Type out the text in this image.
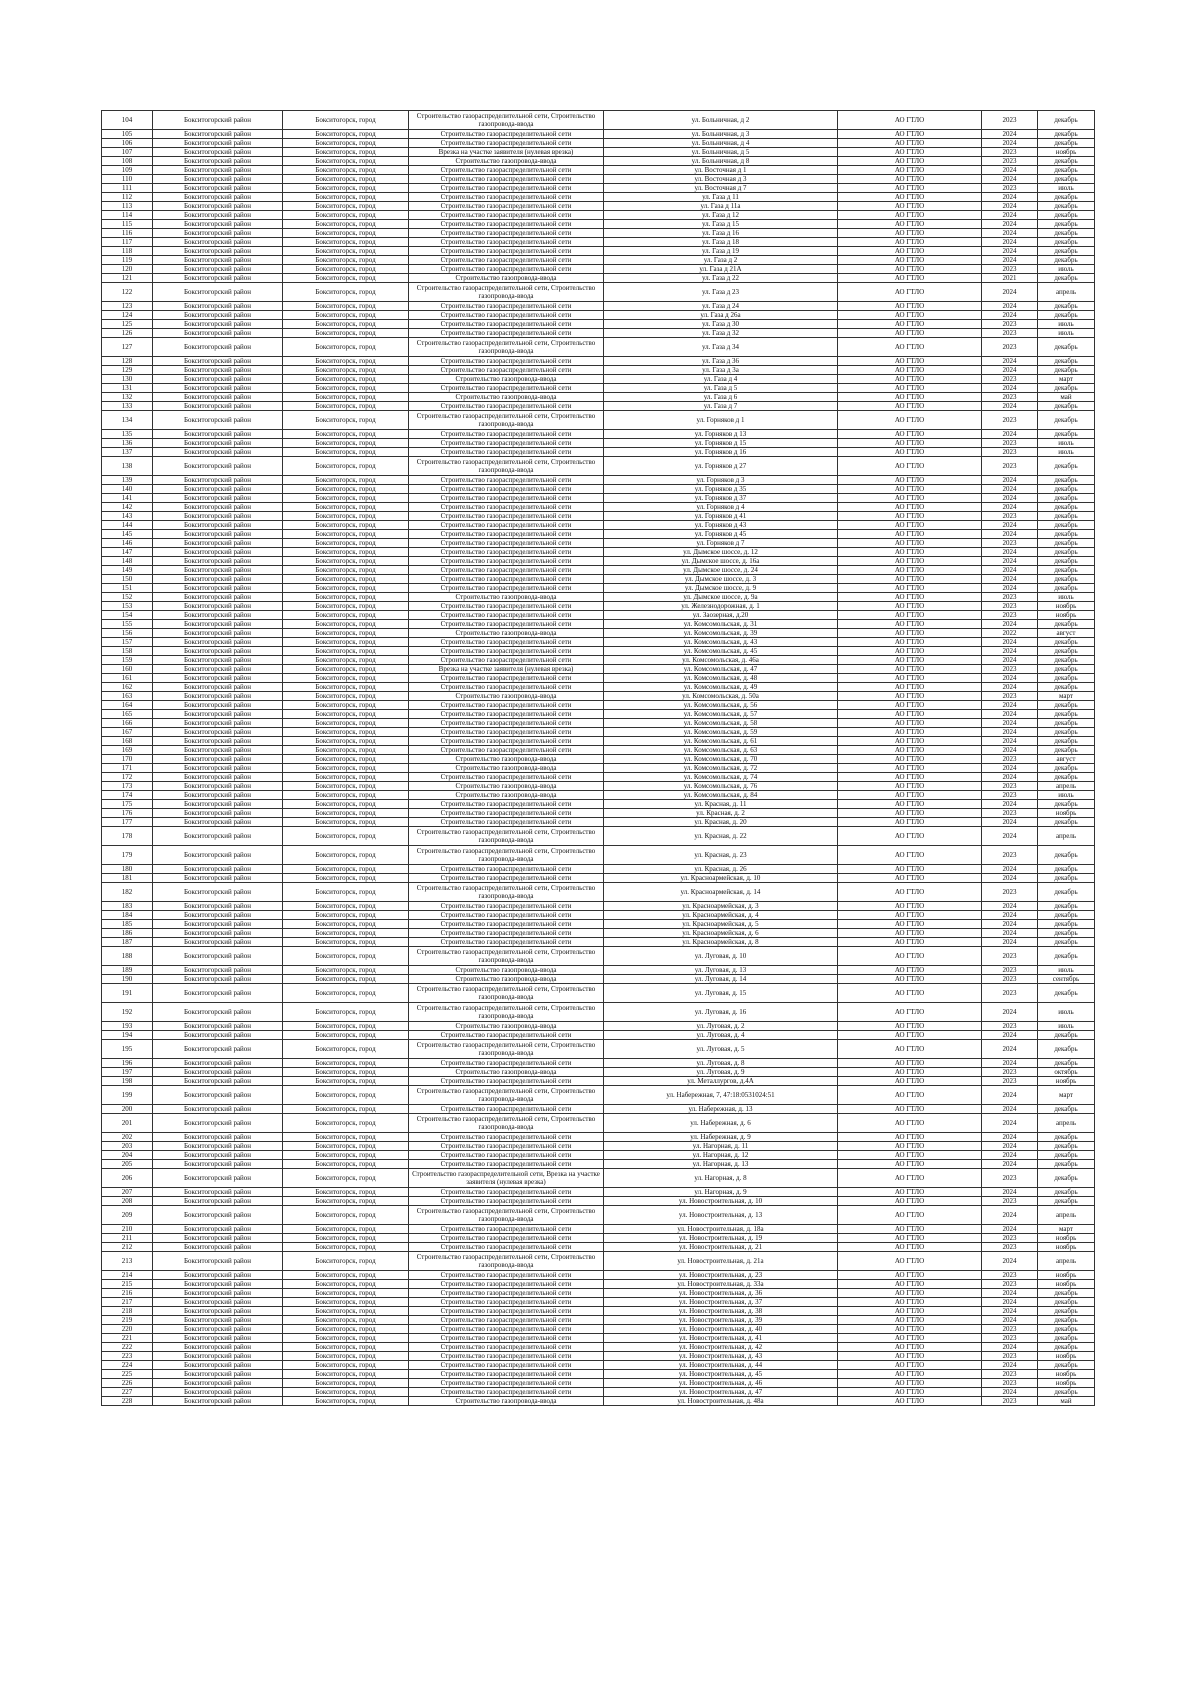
104	Бокситогорский район	Бокситогорск, город	Строительство газораспределительной сети, Строительство газопровода-ввода	ул. Больничная, д 2	АО ГТЛО	2023	декабрь
105	Бокситогорский район	Бокситогорск, город	Строительство газораспределительной сети	ул. Больничная, д 3	АО ГТЛО	2024	декабрь
106	Бокситогорский район	Бокситогорск, город	Строительство газораспределительной сети	ул. Больничная, д 4	АО ГТЛО	2024	декабрь
107	Бокситогорский район	Бокситогорск, город	Врезка на участке заявителя (нулевая врезка)	ул. Больничная, д 5	АО ГТЛО	2023	ноябрь
108	Бокситогорский район	Бокситогорск, город	Строительство газопровода-ввода	ул. Больничная, д 8	АО ГТЛО	2023	декабрь
109	Бокситогорский район	Бокситогорск, город	Строительство газораспределительной сети	ул. Восточная д 1	АО ГТЛО	2024	декабрь
110	Бокситогорский район	Бокситогорск, город	Строительство газораспределительной сети	ул. Восточная д 3	АО ГТЛО	2024	декабрь
111	Бокситогорский район	Бокситогорск, город	Строительство газораспределительной сети	ул. Восточная д 7	АО ГТЛО	2023	июль
112	Бокситогорский район	Бокситогорск, город	Строительство газораспределительной сети	ул. Газа д 11	АО ГТЛО	2024	декабрь
113	Бокситогорский район	Бокситогорск, город	Строительство газораспределительной сети	ул. Газа д 11а	АО ГТЛО	2024	декабрь
114	Бокситогорский район	Бокситогорск, город	Строительство газораспределительной сети	ул. Газа д 12	АО ГТЛО	2024	декабрь
115	Бокситогорский район	Бокситогорск, город	Строительство газораспределительной сети	ул. Газа д 15	АО ГТЛО	2024	декабрь
116	Бокситогорский район	Бокситогорск, город	Строительство газораспределительной сети	ул. Газа д 16	АО ГТЛО	2024	декабрь
117	Бокситогорский район	Бокситогорск, город	Строительство газораспределительной сети	ул. Газа д 18	АО ГТЛО	2024	декабрь
118	Бокситогорский район	Бокситогорск, город	Строительство газораспределительной сети	ул. Газа д 19	АО ГТЛО	2024	декабрь
119	Бокситогорский район	Бокситогорск, город	Строительство газораспределительной сети	ул. Газа д 2	АО ГТЛО	2024	декабрь
120	Бокситогорский район	Бокситогорск, город	Строительство газораспределительной сети	ул. Газа д 21А	АО ГТЛО	2023	июль
121	Бокситогорский район	Бокситогорск, город	Строительство газопровода-ввода	ул. Газа д 22	АО ГТЛО	2021	декабрь
122	Бокситогорский район	Бокситогорск, город	Строительство газораспределительной сети, Строительство газопровода-ввода	ул. Газа д 23	АО ГТЛО	2024	апрель
123	Бокситогорский район	Бокситогорск, город	Строительство газораспределительной сети	ул. Газа д 24	АО ГТЛО	2024	декабрь
124	Бокситогорский район	Бокситогорск, город	Строительство газораспределительной сети	ул. Газа д 26а	АО ГТЛО	2024	декабрь
125	Бокситогорский район	Бокситогорск, город	Строительство газораспределительной сети	ул. Газа д 30	АО ГТЛО	2023	июль
126	Бокситогорский район	Бокситогорск, город	Строительство газораспределительной сети	ул. Газа д 32	АО ГТЛО	2023	июль
127	Бокситогорский район	Бокситогорск, город	Строительство газораспределительной сети, Строительство газопровода-ввода	ул. Газа д 34	АО ГТЛО	2023	декабрь
128	Бокситогорский район	Бокситогорск, город	Строительство газораспределительной сети	ул. Газа д 36	АО ГТЛО	2024	декабрь
129	Бокситогорский район	Бокситогорск, город	Строительство газораспределительной сети	ул. Газа д 3а	АО ГТЛО	2024	декабрь
130	Бокситогорский район	Бокситогорск, город	Строительство газопровода-ввода	ул. Газа д 4	АО ГТЛО	2023	март
131	Бокситогорский район	Бокситогорск, город	Строительство газораспределительной сети	ул. Газа д 5	АО ГТЛО	2024	декабрь
132	Бокситогорский район	Бокситогорск, город	Строительство газопровода-ввода	ул. Газа д 6	АО ГТЛО	2023	май
133	Бокситогорский район	Бокситогорск, город	Строительство газораспределительной сети	ул. Газа д 7	АО ГТЛО	2024	декабрь
134	Бокситогорский район	Бокситогорск, город	Строительство газораспределительной сети, Строительство газопровода-ввода	ул. Горняков д 1	АО ГТЛО	2023	декабрь
135	Бокситогорский район	Бокситогорск, город	Строительство газораспределительной сети	ул. Горняков д 13	АО ГТЛО	2024	декабрь
136	Бокситогорский район	Бокситогорск, город	Строительство газораспределительной сети	ул. Горняков д 15	АО ГТЛО	2023	июль
137	Бокситогорский район	Бокситогорск, город	Строительство газораспределительной сети	ул. Горняков д 16	АО ГТЛО	2023	июль
138	Бокситогорский район	Бокситогорск, город	Строительство газораспределительной сети, Строительство газопровода-ввода	ул. Горняков д 27	АО ГТЛО	2023	декабрь
139	Бокситогорский район	Бокситогорск, город	Строительство газораспределительной сети	ул. Горняков д 3	АО ГТЛО	2024	декабрь
140	Бокситогорский район	Бокситогорск, город	Строительство газораспределительной сети	ул. Горняков д 35	АО ГТЛО	2024	декабрь
141	Бокситогорский район	Бокситогорск, город	Строительство газораспределительной сети	ул. Горняков д 37	АО ГТЛО	2024	декабрь
142	Бокситогорский район	Бокситогорск, город	Строительство газораспределительной сети	ул. Горняков д 4	АО ГТЛО	2024	декабрь
143	Бокситогорский район	Бокситогорск, город	Строительство газораспределительной сети	ул. Горняков д 41	АО ГТЛО	2023	декабрь
144	Бокситогорский район	Бокситогорск, город	Строительство газораспределительной сети	ул. Горняков д 43	АО ГТЛО	2024	декабрь
145	Бокситогорский район	Бокситогорск, город	Строительство газораспределительной сети	ул. Горняков д 45	АО ГТЛО	2024	декабрь
146	Бокситогорский район	Бокситогорск, город	Строительство газораспределительной сети	ул. Горняков д 7	АО ГТЛО	2023	декабрь
147	Бокситогорский район	Бокситогорск, город	Строительство газораспределительной сети	ул. Дымское шоссе, д. 12	АО ГТЛО	2024	декабрь
148	Бокситогорский район	Бокситогорск, город	Строительство газораспределительной сети	ул. Дымское шоссе, д. 16а	АО ГТЛО	2024	декабрь
149	Бокситогорский район	Бокситогорск, город	Строительство газораспределительной сети	ул. Дымское шоссе, д. 24	АО ГТЛО	2024	декабрь
150	Бокситогорский район	Бокситогорск, город	Строительство газораспределительной сети	ул. Дымское шоссе, д. 3	АО ГТЛО	2024	декабрь
151	Бокситогорский район	Бокситогорск, город	Строительство газораспределительной сети	ул. Дымское шоссе, д. 9	АО ГТЛО	2024	декабрь
152	Бокситогорский район	Бокситогорск, город	Строительство газопровода-ввода	ул. Дымское шоссе, д. 9а	АО ГТЛО	2023	июль
153	Бокситогорский район	Бокситогорск, город	Строительство газораспределительной сети	ул. Железнодорожная, д. 1	АО ГТЛО	2023	ноябрь
154	Бокситогорский район	Бокситогорск, город	Строительство газораспределительной сети	ул. Заозерная, д.20	АО ГТЛО	2023	ноябрь
155	Бокситогорский район	Бокситогорск, город	Строительство газораспределительной сети	ул. Комсомольская, д. 31	АО ГТЛО	2024	декабрь
156	Бокситогорский район	Бокситогорск, город	Строительство газопровода-ввода	ул. Комсомольская, д. 39	АО ГТЛО	2022	август
157	Бокситогорский район	Бокситогорск, город	Строительство газораспределительной сети	ул. Комсомольская, д. 43	АО ГТЛО	2024	декабрь
158	Бокситогорский район	Бокситогорск, город	Строительство газораспределительной сети	ул. Комсомольская, д. 45	АО ГТЛО	2024	декабрь
159	Бокситогорский район	Бокситогорск, город	Строительство газораспределительной сети	ул. Комсомольская, д. 46а	АО ГТЛО	2024	декабрь
160	Бокситогорский район	Бокситогорск, город	Врезка на участке заявителя (нулевая врезка)	ул. Комсомольская, д. 47	АО ГТЛО	2023	декабрь
161	Бокситогорский район	Бокситогорск, город	Строительство газораспределительной сети	ул. Комсомольская, д. 48	АО ГТЛО	2024	декабрь
162	Бокситогорский район	Бокситогорск, город	Строительство газораспределительной сети	ул. Комсомольская, д. 49	АО ГТЛО	2024	декабрь
163	Бокситогорский район	Бокситогорск, город	Строительство газопровода-ввода	ул. Комсомольская, д. 50а	АО ГТЛО	2023	март
164	Бокситогорский район	Бокситогорск, город	Строительство газораспределительной сети	ул. Комсомольская, д. 56	АО ГТЛО	2024	декабрь
165	Бокситогорский район	Бокситогорск, город	Строительство газораспределительной сети	ул. Комсомольская, д. 57	АО ГТЛО	2024	декабрь
166	Бокситогорский район	Бокситогорск, город	Строительство газораспределительной сети	ул. Комсомольская, д. 58	АО ГТЛО	2024	декабрь
167	Бокситогорский район	Бокситогорск, город	Строительство газораспределительной сети	ул. Комсомольская, д. 59	АО ГТЛО	2024	декабрь
168	Бокситогорский район	Бокситогорск, город	Строительство газораспределительной сети	ул. Комсомольская, д. 61	АО ГТЛО	2024	декабрь
169	Бокситогорский район	Бокситогорск, город	Строительство газораспределительной сети	ул. Комсомольская, д. 63	АО ГТЛО	2024	декабрь
170	Бокситогорский район	Бокситогорск, город	Строительство газопровода-ввода	ул. Комсомольская, д. 70	АО ГТЛО	2023	август
171	Бокситогорский район	Бокситогорск, город	Строительство газопровода-ввода	ул. Комсомольская, д. 72	АО ГТЛО	2024	декабрь
172	Бокситогорский район	Бокситогорск, город	Строительство газораспределительной сети	ул. Комсомольская, д. 74	АО ГТЛО	2024	декабрь
173	Бокситогорский район	Бокситогорск, город	Строительство газопровода-ввода	ул. Комсомольская, д. 76	АО ГТЛО	2023	апрель
174	Бокситогорский район	Бокситогорск, город	Строительство газопровода-ввода	ул. Комсомольская, д. 84	АО ГТЛО	2023	июль
175	Бокситогорский район	Бокситогорск, город	Строительство газораспределительной сети	ул. Красная, д. 11	АО ГТЛО	2024	декабрь
176	Бокситогорский район	Бокситогорск, город	Строительство газораспределительной сети	ул. Красная, д. 2	АО ГТЛО	2023	ноябрь
177	Бокситогорский район	Бокситогорск, город	Строительство газораспределительной сети	ул. Красная, д. 20	АО ГТЛО	2024	декабрь
178	Бокситогорский район	Бокситогорск, город	Строительство газораспределительной сети, Строительство газопровода-ввода	ул. Красная, д. 22	АО ГТЛО	2024	апрель
179	Бокситогорский район	Бокситогорск, город	Строительство газораспределительной сети, Строительство газопровода-ввода	ул. Красная, д. 23	АО ГТЛО	2023	декабрь
180	Бокситогорский район	Бокситогорск, город	Строительство газораспределительной сети	ул. Красная, д. 26	АО ГТЛО	2024	декабрь
181	Бокситогорский район	Бокситогорск, город	Строительство газораспределительной сети	ул. Красноармейская, д. 10	АО ГТЛО	2024	декабрь
182	Бокситогорский район	Бокситогорск, город	Строительство газораспределительной сети, Строительство газопровода-ввода	ул. Красноармейская, д. 14	АО ГТЛО	2023	декабрь
183	Бокситогорский район	Бокситогорск, город	Строительство газораспределительной сети	ул. Красноармейская, д. 3	АО ГТЛО	2024	декабрь
184	Бокситогорский район	Бокситогорск, город	Строительство газораспределительной сети	ул. Красноармейская, д. 4	АО ГТЛО	2024	декабрь
185	Бокситогорский район	Бокситогорск, город	Строительство газораспределительной сети	ул. Красноармейская, д. 5	АО ГТЛО	2024	декабрь
186	Бокситогорский район	Бокситогорск, город	Строительство газораспределительной сети	ул. Красноармейская, д. 6	АО ГТЛО	2024	декабрь
187	Бокситогорский район	Бокситогорск, город	Строительство газораспределительной сети	ул. Красноармейская, д. 8	АО ГТЛО	2024	декабрь
188	Бокситогорский район	Бокситогорск, город	Строительство газораспределительной сети, Строительство газопровода-ввода	ул. Луговая, д. 10	АО ГТЛО	2023	декабрь
189	Бокситогорский район	Бокситогорск, город	Строительство газопровода-ввода	ул. Луговая, д. 13	АО ГТЛО	2023	июль
190	Бокситогорский район	Бокситогорск, город	Строительство газопровода-ввода	ул. Луговая, д. 14	АО ГТЛО	2023	сентябрь
191	Бокситогорский район	Бокситогорск, город	Строительство газораспределительной сети, Строительство газопровода-ввода	ул. Луговая, д. 15	АО ГТЛО	2023	декабрь
192	Бокситогорский район	Бокситогорск, город	Строительство газораспределительной сети, Строительство газопровода-ввода	ул. Луговая, д. 16	АО ГТЛО	2024	июль
193	Бокситогорский район	Бокситогорск, город	Строительство газопровода-ввода	ул. Луговая, д. 2	АО ГТЛО	2023	июль
194	Бокситогорский район	Бокситогорск, город	Строительство газораспределительной сети	ул. Луговая, д. 4	АО ГТЛО	2024	декабрь
195	Бокситогорский район	Бокситогорск, город	Строительство газораспределительной сети, Строительство газопровода-ввода	ул. Луговая, д. 5	АО ГТЛО	2024	декабрь
196	Бокситогорский район	Бокситогорск, город	Строительство газораспределительной сети	ул. Луговая, д. 8	АО ГТЛО	2024	декабрь
197	Бокситогорский район	Бокситогорск, город	Строительство газопровода-ввода	ул. Луговая, д. 9	АО ГТЛО	2023	октябрь
198	Бокситогорский район	Бокситогорск, город	Строительство газораспределительной сети	ул. Металлургов, д.4А	АО ГТЛО	2023	ноябрь
199	Бокситогорский район	Бокситогорск, город	Строительство газораспределительной сети, Строительство газопровода-ввода	ул. Набережная, 7, 47:18:0531024:51	АО ГТЛО	2024	март
200	Бокситогорский район	Бокситогорск, город	Строительство газораспределительной сети	ул. Набережная, д. 13	АО ГТЛО	2024	декабрь
201	Бокситогорский район	Бокситогорск, город	Строительство газораспределительной сети, Строительство газопровода-ввода	ул. Набережная, д. 6	АО ГТЛО	2024	апрель
202	Бокситогорский район	Бокситогорск, город	Строительство газораспределительной сети	ул. Набережная, д. 9	АО ГТЛО	2024	декабрь
203	Бокситогорский район	Бокситогорск, город	Строительство газораспределительной сети	ул. Нагорная, д. 11	АО ГТЛО	2024	декабрь
204	Бокситогорский район	Бокситогорск, город	Строительство газораспределительной сети	ул. Нагорная, д. 12	АО ГТЛО	2024	декабрь
205	Бокситогорский район	Бокситогорск, город	Строительство газораспределительной сети	ул. Нагорная, д. 13	АО ГТЛО	2024	декабрь
206	Бокситогорский район	Бокситогорск, город	Строительство газораспределительной сети, Врезка на участке заявителя (нулевая врезка)	ул. Нагорная, д. 8	АО ГТЛО	2023	декабрь
207	Бокситогорский район	Бокситогорск, город	Строительство газораспределительной сети	ул. Нагорная, д. 9	АО ГТЛО	2024	декабрь
208	Бокситогорский район	Бокситогорск, город	Строительство газораспределительной сети	ул. Новостроительная, д. 10	АО ГТЛО	2023	декабрь
209	Бокситогорский район	Бокситогорск, город	Строительство газораспределительной сети, Строительство газопровода-ввода	ул. Новостроительная, д. 13	АО ГТЛО	2024	апрель
210	Бокситогорский район	Бокситогорск, город	Строительство газораспределительной сети	ул. Новостроительная, д. 18а	АО ГТЛО	2024	март
211	Бокситогорский район	Бокситогорск, город	Строительство газораспределительной сети	ул. Новостроительная, д. 19	АО ГТЛО	2023	ноябрь
212	Бокситогорский район	Бокситогорск, город	Строительство газораспределительной сети	ул. Новостроительная, д. 21	АО ГТЛО	2023	ноябрь
213	Бокситогорский район	Бокситогорск, город	Строительство газораспределительной сети, Строительство газопровода-ввода	ул. Новостроительная, д. 21а	АО ГТЛО	2024	апрель
214	Бокситогорский район	Бокситогорск, город	Строительство газораспределительной сети	ул. Новостроительная, д. 23	АО ГТЛО	2023	ноябрь
215	Бокситогорский район	Бокситогорск, город	Строительство газораспределительной сети	ул. Новостроительная, д. 33а	АО ГТЛО	2023	ноябрь
216	Бокситогорский район	Бокситогорск, город	Строительство газораспределительной сети	ул. Новостроительная, д. 36	АО ГТЛО	2024	декабрь
217	Бокситогорский район	Бокситогорск, город	Строительство газораспределительной сети	ул. Новостроительная, д. 37	АО ГТЛО	2024	декабрь
218	Бокситогорский район	Бокситогорск, город	Строительство газораспределительной сети	ул. Новостроительная, д. 38	АО ГТЛО	2024	декабрь
219	Бокситогорский район	Бокситогорск, город	Строительство газораспределительной сети	ул. Новостроительная, д. 39	АО ГТЛО	2024	декабрь
220	Бокситогорский район	Бокситогорск, город	Строительство газораспределительной сети	ул. Новостроительная, д. 40	АО ГТЛО	2023	декабрь
221	Бокситогорский район	Бокситогорск, город	Строительство газораспределительной сети	ул. Новостроительная, д. 41	АО ГТЛО	2023	декабрь
222	Бокситогорский район	Бокситогорск, город	Строительство газораспределительной сети	ул. Новостроительная, д. 42	АО ГТЛО	2024	декабрь
223	Бокситогорский район	Бокситогорск, город	Строительство газораспределительной сети	ул. Новостроительная, д. 43	АО ГТЛО	2023	ноябрь
224	Бокситогорский район	Бокситогорск, город	Строительство газораспределительной сети	ул. Новостроительная, д. 44	АО ГТЛО	2024	декабрь
225	Бокситогорский район	Бокситогорск, город	Строительство газораспределительной сети	ул. Новостроительная, д. 45	АО ГТЛО	2023	ноябрь
226	Бокситогорский район	Бокситогорск, город	Строительство газораспределительной сети	ул. Новостроительная, д. 46	АО ГТЛО	2023	ноябрь
227	Бокситогорский район	Бокситогорск, город	Строительство газораспределительной сети	ул. Новостроительная, д. 47	АО ГТЛО	2024	декабрь
228	Бокситогорский район	Бокситогорск, город	Строительство газопровода-ввода	ул. Новостроительная, д. 48а	АО ГТЛО	2023	май
